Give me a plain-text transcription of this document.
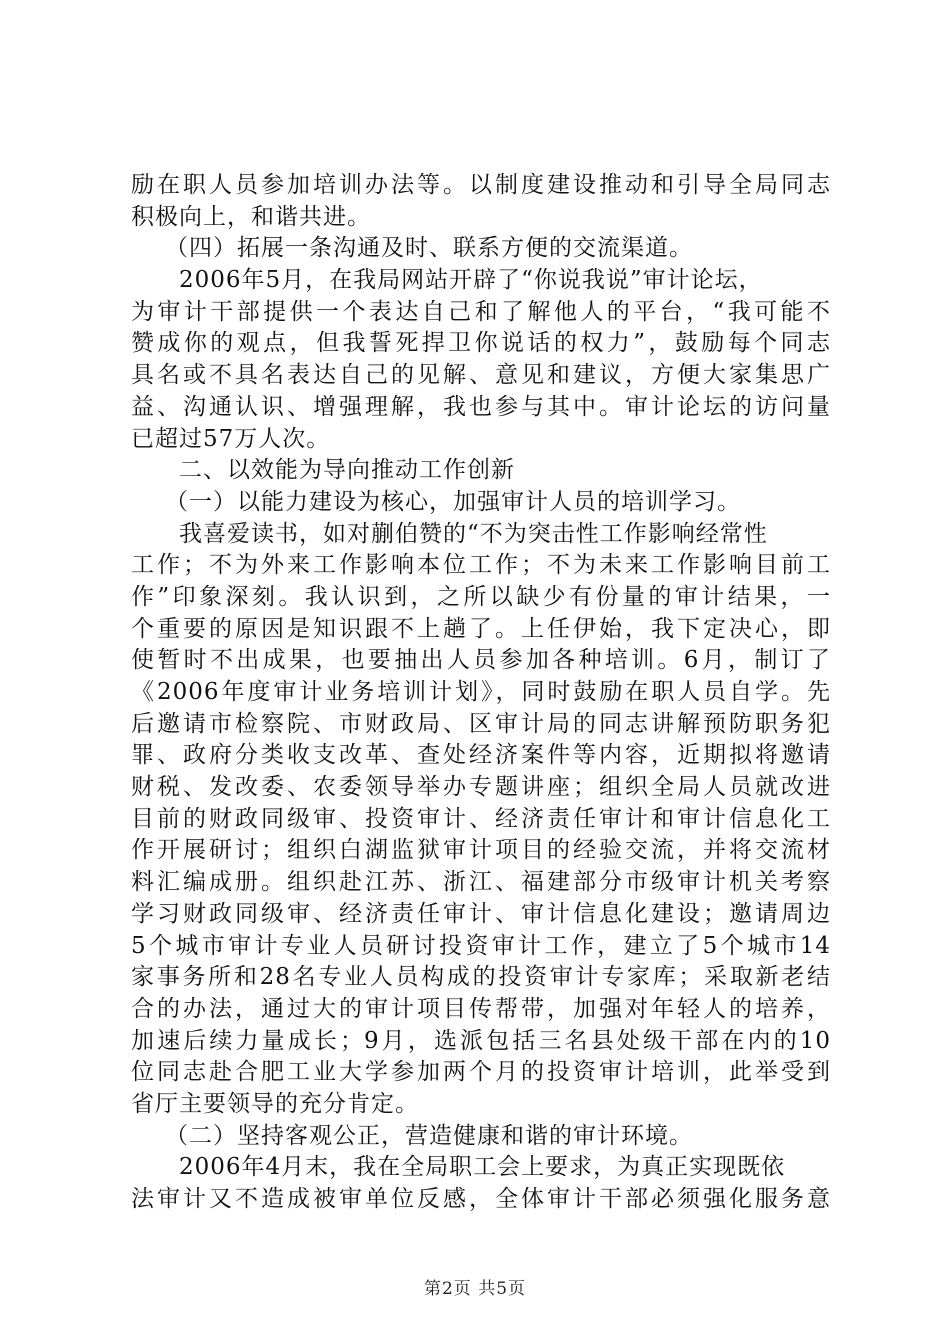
励在职人员参加培训办法等。以制度建设推动和引导全局同志
积极向上，和谐共进。
（四）拓展一条沟通及时、联系方便的交流渠道。
2006年5月，在我局网站开辟了“你说我说”审计论坛，
为审计干部提供一个表达自己和了解他人的平台，“我可能不
赞成你的观点，但我誓死捍卫你说话的权力”，鼓励每个同志
具名或不具名表达自己的见解、意见和建议，方便大家集思广
益、沟通认识、增强理解，我也参与其中。审计论坛的访问量
已超过57万人次。
二、以效能为导向推动工作创新
（一）以能力建设为核心，加强审计人员的培训学习。
我喜爱读书，如对蒯伯赞的“不为突击性工作影响经常性
工作；不为外来工作影响本位工作；不为未来工作影响目前工
作”印象深刻。我认识到，之所以缺少有份量的审计结果，一
个重要的原因是知识跟不上趟了。上任伊始，我下定决心，即
使暂时不出成果，也要抽出人员参加各种培训。6月，制订了
《2006年度审计业务培训计划》，同时鼓励在职人员自学。先
后邀请市检察院、市财政局、区审计局的同志讲解预防职务犯
罪、政府分类收支改革、查处经济案件等内容，近期拟将邀请
财税、发改委、农委领导举办专题讲座；组织全局人员就改进
目前的财政同级审、投资审计、经济责任审计和审计信息化工
作开展研讨；组织白湖监狱审计项目的经验交流，并将交流材
料汇编成册。组织赴江苏、浙江、福建部分市级审计机关考察
学习财政同级审、经济责任审计、审计信息化建设；邀请周边
5个城市审计专业人员研讨投资审计工作，建立了5个城市14
家事务所和28名专业人员构成的投资审计专家库；采取新老结
合的办法，通过大的审计项目传帮带，加强对年轻人的培养，
加速后续力量成长；9月，选派包括三名县处级干部在内的10
位同志赴合肥工业大学参加两个月的投资审计培训，此举受到
省厅主要领导的充分肯定。
（二）坚持客观公正，营造健康和谐的审计环境。
2006年4月末，我在全局职工会上要求，为真正实现既依
法审计又不造成被审单位反感，全体审计干部必须强化服务意
第2页 共5页
